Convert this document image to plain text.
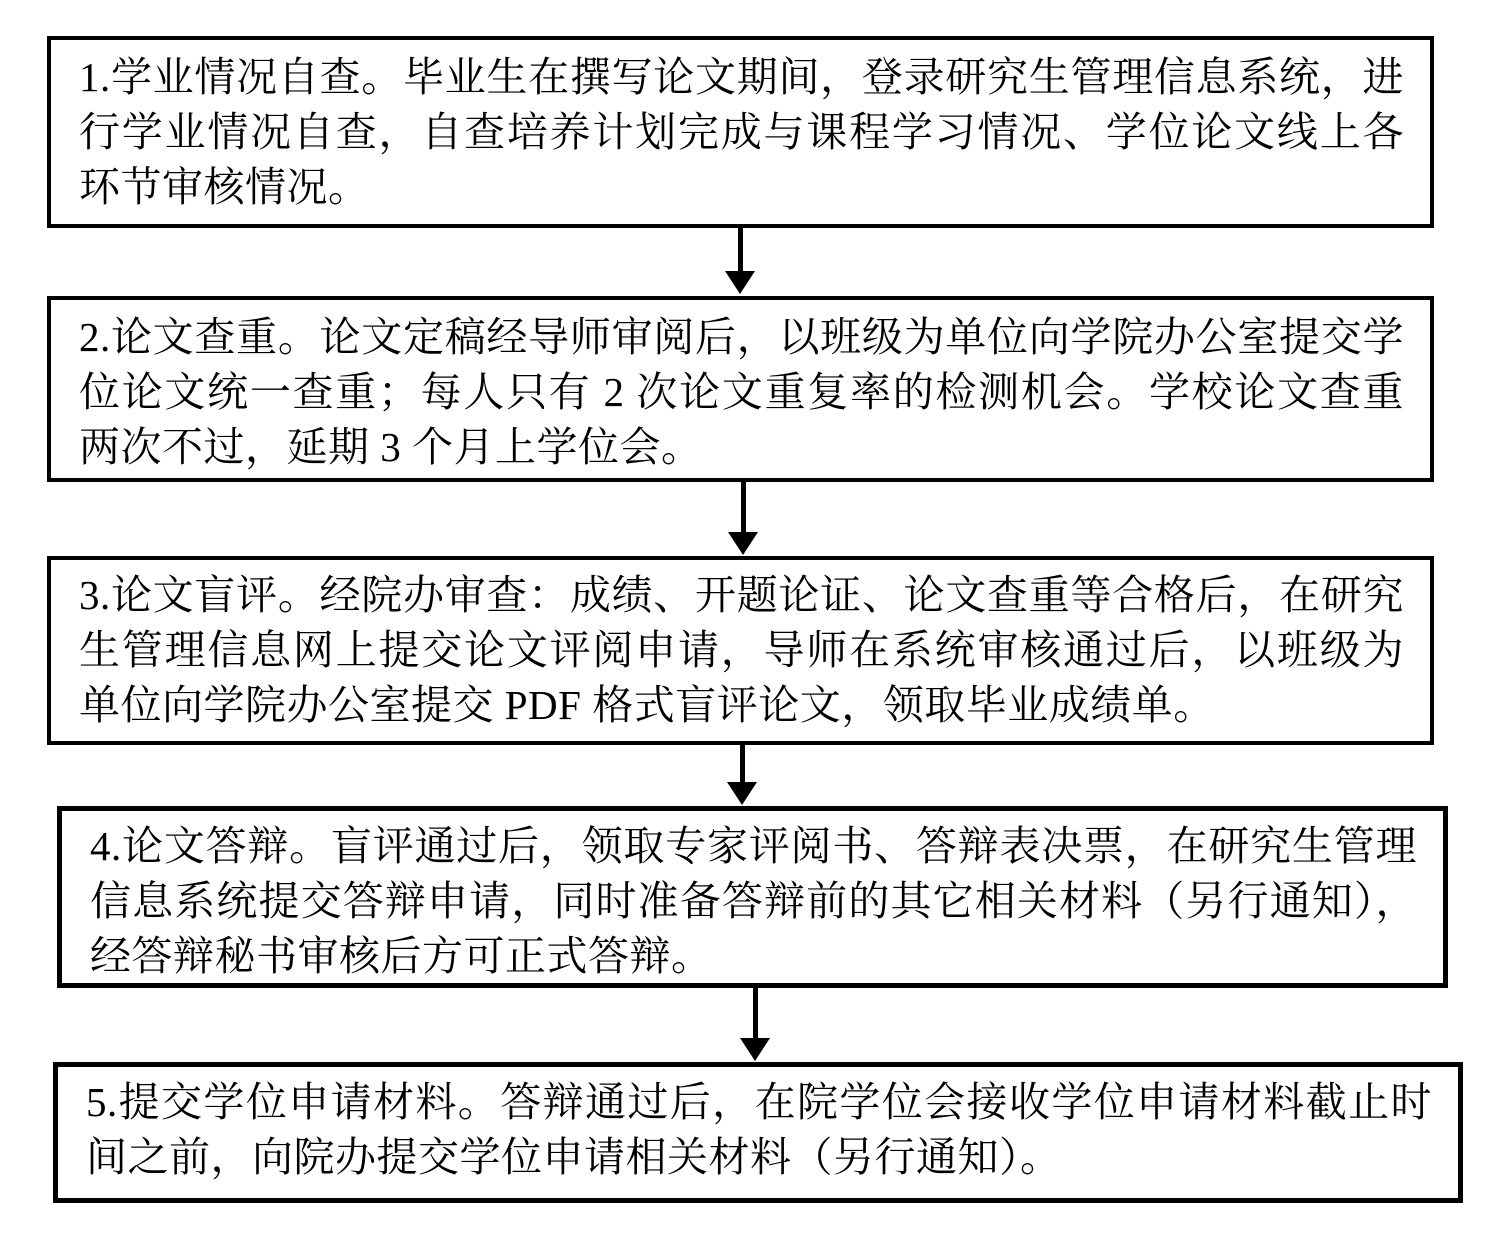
1.学业情况自查。毕业生在撰写论文期间，登录研究生管理信息系统，进行学业情况自查，自查培养计划完成与课程学习情况、学位论文线上各环节审核情况。
2.论文查重。论文定稿经导师审阅后，以班级为单位向学院办公室提交学位论文统一查重；每人只有 2 次论文重复率的检测机会。学校论文查重两次不过，延期 3 个月上学位会。
3.论文盲评。经院办审查：成绩、开题论证、论文查重等合格后，在研究生管理信息网上提交论文评阅申请，导师在系统审核通过后，以班级为单位向学院办公室提交 PDF 格式盲评论文，领取毕业成绩单。
4.论文答辩。盲评通过后，领取专家评阅书、答辩表决票，在研究生管理信息系统提交答辩申请，同时准备答辩前的其它相关材料（另行通知），经答辩秘书审核后方可正式答辩。
5.提交学位申请材料。答辩通过后，在院学位会接收学位申请材料截止时间之前，向院办提交学位申请相关材料（另行通知）。
